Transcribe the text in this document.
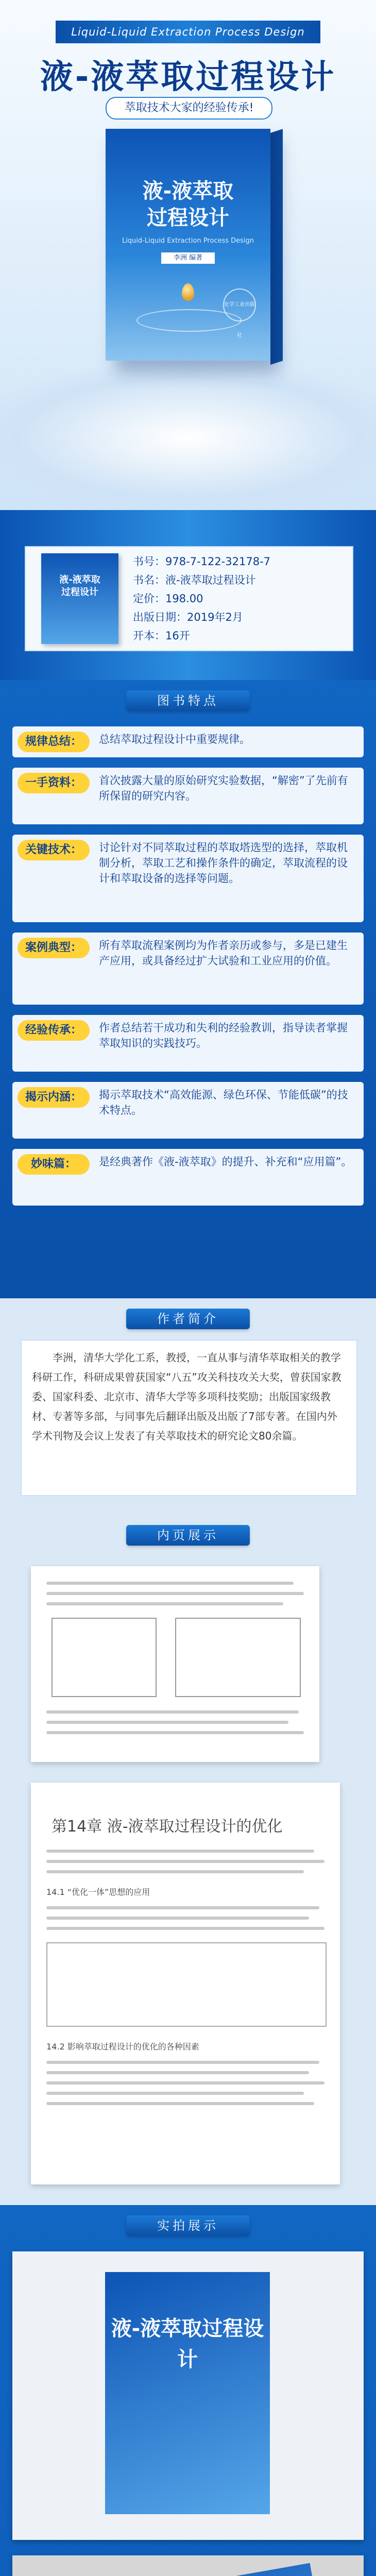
Liquid-Liquid Extraction Process Design
液-液萃取过程设计
萃取技术大家的经验传承!
液-液萃取
过程设计
Liquid-Liquid Extraction Process Design
李洲 编著
化学工业出版社
液-液萃取
过程设计
书号：978-7-122-32178-7
书名：液-液萃取过程设计
定价：198.00
出版日期：2019年2月
开本：16开
图书特点
规律总结：	总结萃取过程设计中重要规律。
一手资料：	首次披露大量的原始研究实验数据，“解密”了先前有所保留的研究内容。
关键技术：	讨论针对不同萃取过程的萃取塔选型的选择，萃取机制分析，萃取工艺和操作条件的确定，萃取流程的设计和萃取设备的选择等问题。
案例典型：	所有萃取流程案例均为作者亲历或参与，多是已建生产应用，或具备经过扩大试验和工业应用的价值。
经验传承：	作者总结若干成功和失利的经验教训，指导读者掌握萃取知识的实践技巧。
揭示内涵：	揭示萃取技术“高效能源、绿色环保、节能低碳”的技术特点。
妙味篇：	是经典著作《液-液萃取》的提升、补充和“应用篇”。
作者简介
李洲，清华大学化工系，教授，一直从事与清华萃取相关的教学科研工作，科研成果曾获国家“八五”攻关科技攻关大奖，曾获国家教委、国家科委、北京市、清华大学等多项科技奖励；出版国家级教材、专著等多部，与同事先后翻译出版及出版了7部专著。在国内外学术刊物及会议上发表了有关萃取技术的研究论文80余篇。
内页展示
第14章 液-液萃取过程设计的优化
14.1 “优化一体”思想的应用
14.2 影响萃取过程设计的优化的各种因素
实拍展示
液-液萃取过程设计
